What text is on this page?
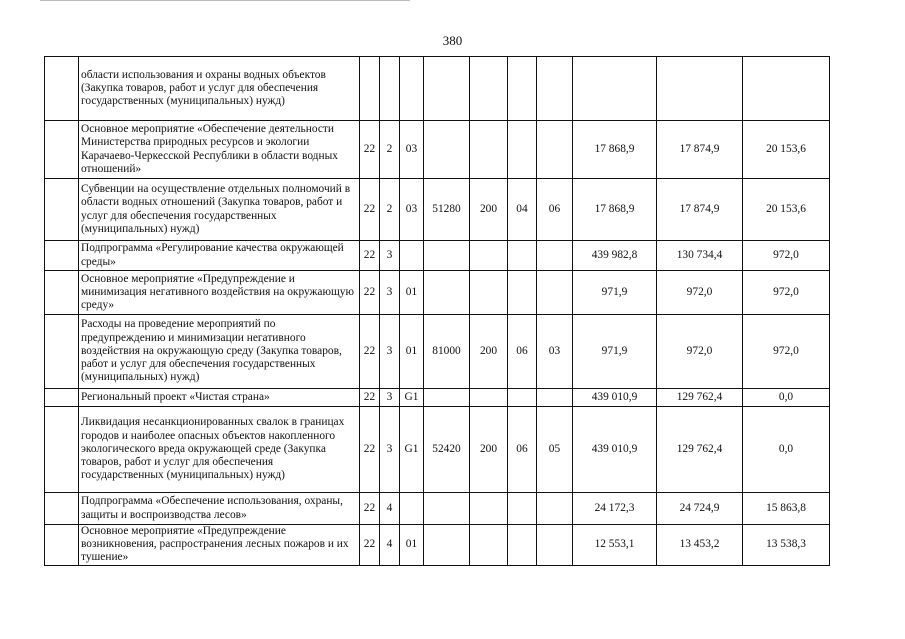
380
	области использования и охраны водных объектов (Закупка товаров, работ и услуг для обеспечения государственных (муниципальных) нужд)										
	Основное мероприятие «Обеспечение деятельности Министерства природных ресурсов и экологии Карачаево-Черкесской Республики в области водных отношений»	22	2	03					17 868,9	17 874,9	20 153,6
	Субвенции на осуществление отдельных полномочий в области водных отношений (Закупка товаров, работ и услуг для обеспечения государственных (муниципальных) нужд)	22	2	03	51280	200	04	06	17 868,9	17 874,9	20 153,6
	Подпрограмма «Регулирование качества окружающей среды»	22	3						439 982,8	130 734,4	972,0
	Основное мероприятие «Предупреждение и минимизация негативного воздействия на окружающую среду»	22	3	01					971,9	972,0	972,0
	Расходы на проведение мероприятий по предупреждению и минимизации негативного воздействия на окружающую среду (Закупка товаров, работ и услуг для обеспечения государственных (муниципальных) нужд)	22	3	01	81000	200	06	03	971,9	972,0	972,0
	Региональный проект «Чистая страна»	22	3	G1					439 010,9	129 762,4	0,0
	Ликвидация несанкционированных свалок в границах городов и наиболее опасных объектов накопленного экологического вреда окружающей среде (Закупка товаров, работ и услуг для обеспечения государственных (муниципальных) нужд)	22	3	G1	52420	200	06	05	439 010,9	129 762,4	0,0
	Подпрограмма «Обеспечение использования, охраны, защиты и воспроизводства лесов»	22	4						24 172,3	24 724,9	15 863,8
	Основное мероприятие «Предупреждение возникновения, распространения лесных пожаров и их тушение»	22	4	01					12 553,1	13 453,2	13 538,3
